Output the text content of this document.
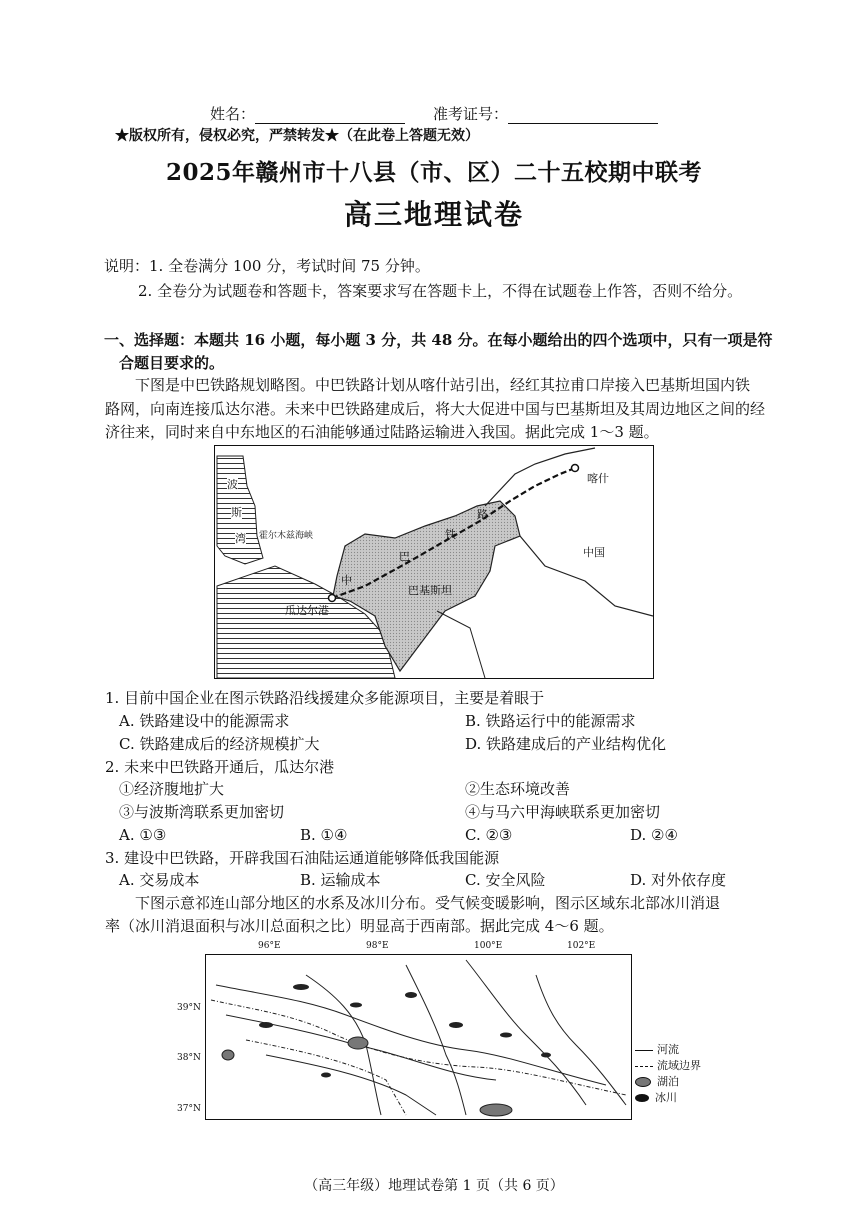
姓名：	准考证号：
★版权所有，侵权必究，严禁转发★（在此卷上答题无效）
2025年赣州市十八县（市、区）二十五校期中联考
高三地理试卷
说明：1. 全卷满分 100 分，考试时间 75 分钟。
2. 全卷分为试题卷和答题卡，答案要求写在答题卡上，不得在试题卷上作答，否则不给分。
一、选择题：本题共 16 小题，每小题 3 分，共 48 分。在每小题给出的四个选项中，只有一项是符
合题目要求的。
下图是中巴铁路规划略图。中巴铁路计划从喀什站引出，经红其拉甫口岸接入巴基斯坦国内铁
路网，向南连接瓜达尔港。未来中巴铁路建成后，将大大促进中国与巴基斯坦及其周边地区之间的经
济往来，同时来自中东地区的石油能够通过陆路运输进入我国。据此完成 1～3 题。
喀什
中国
巴基斯坦
瓜达尔港
霍尔木兹海峡
波
斯
湾
中
巴
铁
路
1. 目前中国企业在图示铁路沿线援建众多能源项目，主要是着眼于
A. 铁路建设中的能源需求	B. 铁路运行中的能源需求
C. 铁路建成后的经济规模扩大	D. 铁路建成后的产业结构优化
2. 未来中巴铁路开通后，瓜达尔港
①经济腹地扩大	②生态环境改善
③与波斯湾联系更加密切	④与马六甲海峡联系更加密切
A. ①③	B. ①④	C. ②③	D. ②④
3. 建设中巴铁路，开辟我国石油陆运通道能够降低我国能源
A. 交易成本	B. 运输成本	C. 安全风险	D. 对外依存度
下图示意祁连山部分地区的水系及冰川分布。受气候变暖影响，图示区域东北部冰川消退
率（冰川消退面积与冰川总面积之比）明显高于西南部。据此完成 4～6 题。
96°E	98°E	100°E	102°E
39°N
38°N
37°N
河流
流域边界
湖泊
冰川
（高三年级）地理试卷第 1 页（共 6 页）
